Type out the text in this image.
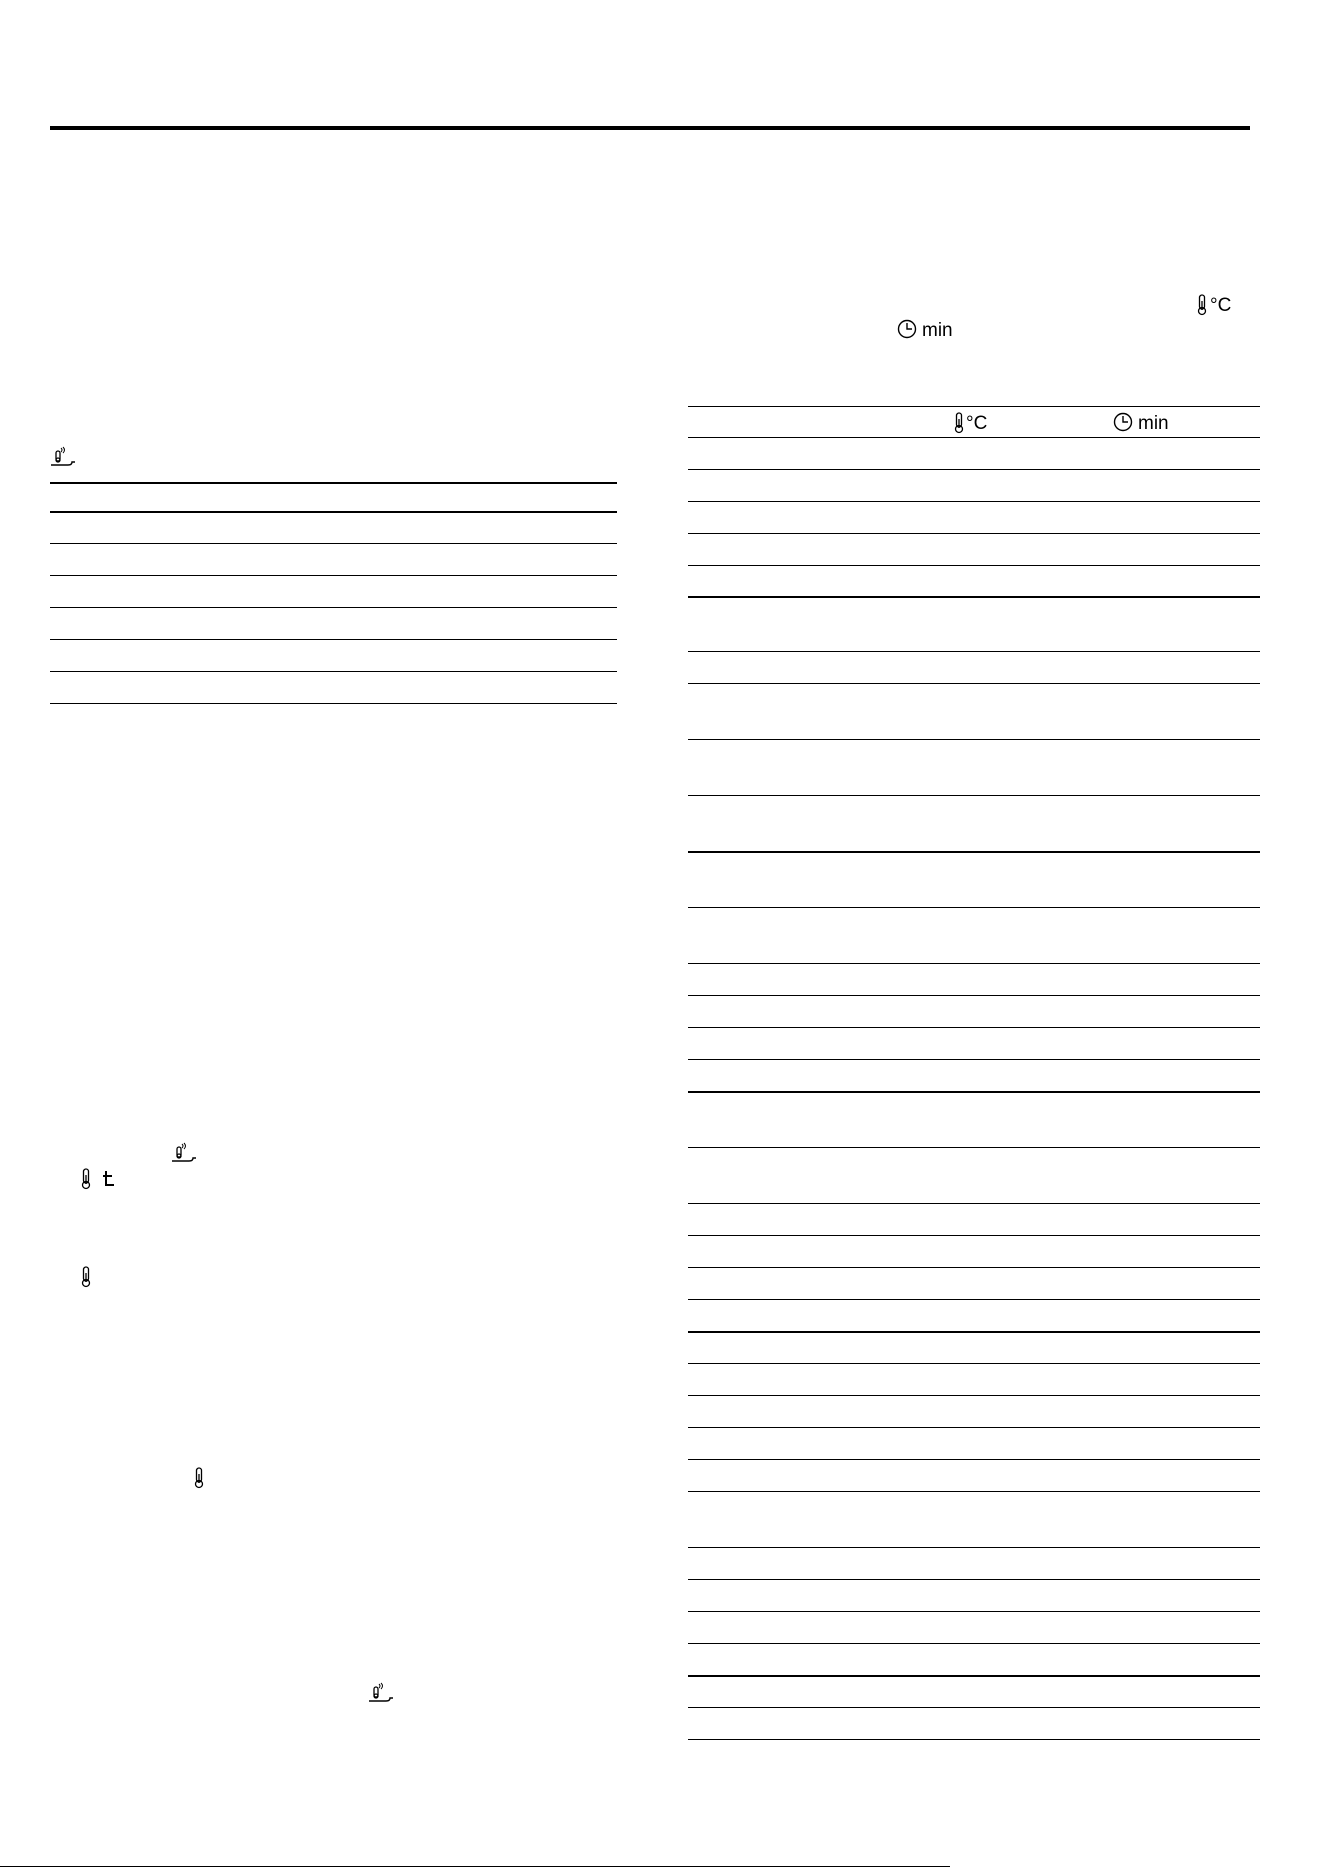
°C
min
°C	min
